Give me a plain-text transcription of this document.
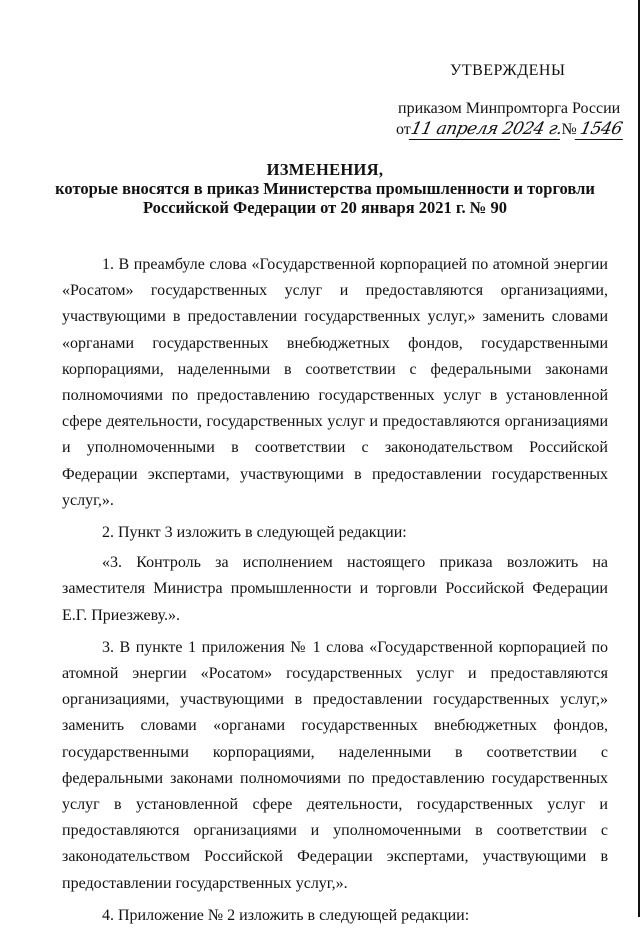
УТВЕРЖДЕНЫ
приказом Минпромторга России
от11 апреля 2024 г.№1546
ИЗМЕНЕНИЯ,
которые вносятся в приказ Министерства промышленности и торговли
Российской Федерации от 20 января 2021 г. № 90

1. В преамбуле слова «Государственной корпорацией по атомной энергии «Росатом» государственных услуг и предоставляются организациями, участвующими в предоставлении государственных услуг,» заменить словами «органами государственных внебюджетных фондов, государственными корпорациями, наделенными в соответствии с федеральными законами полномочиями по предоставлению государственных услуг в установленной сфере деятельности, государственных услуг и предоставляются организациями и уполномоченными в соответствии с законодательством Российской Федерации экспертами, участвующими в предоставлении государственных услуг,».

2. Пункт 3 изложить в следующей редакции:

«3. Контроль за исполнением настоящего приказа возложить на заместителя Министра промышленности и торговли Российской Федерации Е.Г. Приезжеву.».

3. В пункте 1 приложения № 1 слова «Государственной корпорацией по атомной энергии «Росатом» государственных услуг и предоставляются организациями, участвующими в предоставлении государственных услуг,» заменить словами «органами государственных внебюджетных фондов, государственными корпорациями, наделенными в соответствии с федеральными законами полномочиями по предоставлению государственных услуг в установленной сфере деятельности, государственных услуг и предоставляются организациями и уполномоченными в соответствии с законодательством Российской Федерации экспертами, участвующими в предоставлении государственных услуг,».

4. Приложение № 2 изложить в следующей редакции:
